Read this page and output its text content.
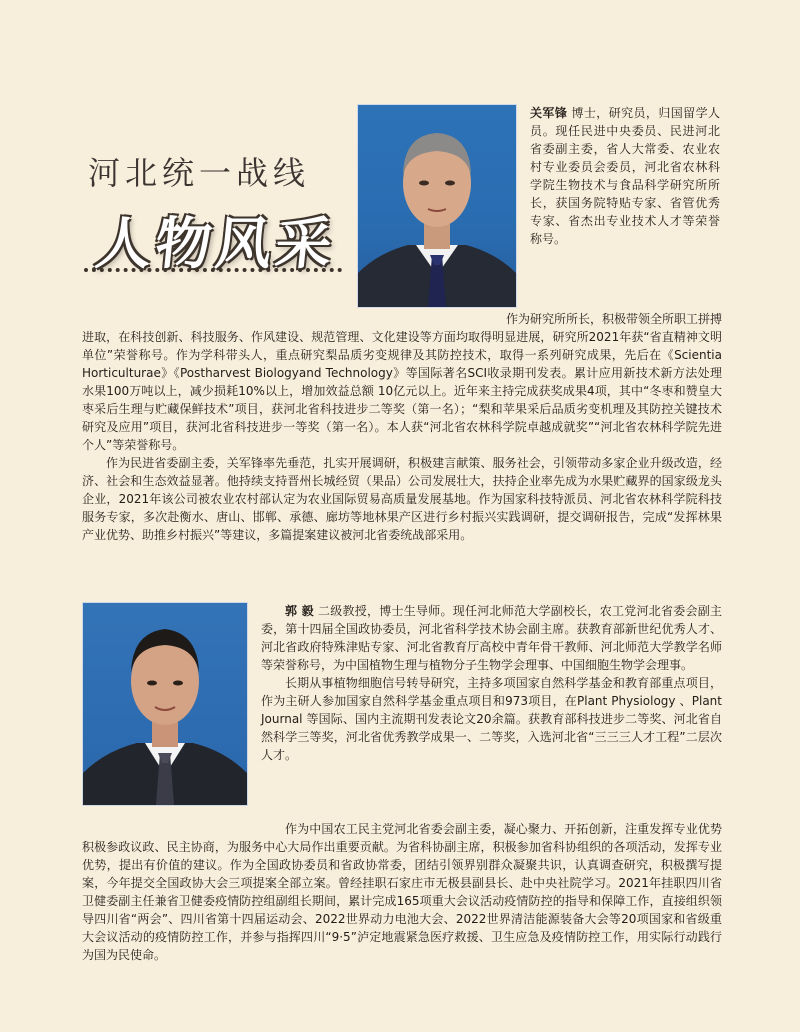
河北统一战线
人物风采

关军锋 博士，研究员，归国留学人员。现任民进中央委员、民进河北省委副主委，省人大常委、农业农村专业委员会委员，河北省农林科学院生物技术与食品科学研究所所长，获国务院特贴专家、省管优秀专家、省杰出专业技术人才等荣誉称号。

作为研究所所长，积极带领全所职工拼搏进取，在科技创新、科技服务、作风建设、规范管理、文化建设等方面均取得明显进展，研究所2021年获“省直精神文明单位”荣誉称号。作为学科带头人，重点研究梨品质劣变规律及其防控技术，取得一系列研究成果，先后在《Scientia Horticulturae》《Postharvest Biologyand Technology》等国际著名SCI收录期刊发表。累计应用新技术新方法处理水果100万吨以上，减少损耗10%以上，增加效益总额 10亿元以上。近年来主持完成获奖成果4项，其中“冬枣和赞皇大枣采后生理与贮藏保鲜技术”项目，获河北省科技进步二等奖（第一名）；“梨和苹果采后品质劣变机理及其防控关键技术研究及应用”项目，获河北省科技进步一等奖（第一名）。本人获“河北省农林科学院卓越成就奖”“河北省农林科学院先进个人”等荣誉称号。

作为民进省委副主委，关军锋率先垂范，扎实开展调研，积极建言献策、服务社会，引领带动多家企业升级改造，经济、社会和生态效益显著。他持续支持晋州长城经贸（果品）公司发展壮大，扶持企业率先成为水果贮藏界的国家级龙头企业，2021年该公司被农业农村部认定为农业国际贸易高质量发展基地。作为国家科技特派员、河北省农林科学院科技服务专家，多次赴衡水、唐山、邯郸、承德、廊坊等地林果产区进行乡村振兴实践调研，提交调研报告，完成“发挥林果产业优势、助推乡村振兴”等建议，多篇提案建议被河北省委统战部采用。

郭 毅 二级教授，博士生导师。现任河北师范大学副校长，农工党河北省委会副主委，第十四届全国政协委员，河北省科学技术协会副主席。获教育部新世纪优秀人才、河北省政府特殊津贴专家、河北省教育厅高校中青年骨干教师、河北师范大学教学名师等荣誉称号，为中国植物生理与植物分子生物学会理事、中国细胞生物学会理事。

长期从事植物细胞信号转导研究，主持多项国家自然科学基金和教育部重点项目，作为主研人参加国家自然科学基金重点项目和973项目，在Plant Physiology 、Plant Journal 等国际、国内主流期刊发表论文20余篇。获教育部科技进步二等奖、河北省自然科学三等奖，河北省优秀教学成果一、二等奖，入选河北省“三三三人才工程”二层次人才。

作为中国农工民主党河北省委会副主委，凝心聚力、开拓创新，注重发挥专业优势积极参政议政、民主协商，为服务中心大局作出重要贡献。为省科协副主席，积极参加省科协组织的各项活动，发挥专业优势，提出有价值的建议。作为全国政协委员和省政协常委，团结引领界别群众凝聚共识，认真调查研究，积极撰写提案，今年提交全国政协大会三项提案全部立案。曾经挂职石家庄市无极县副县长、赴中央社院学习。2021年挂职四川省卫健委副主任兼省卫健委疫情防控组副组长期间，累计完成165项重大会议活动疫情防控的指导和保障工作，直接组织领导四川省“两会”、四川省第十四届运动会、2022世界动力电池大会、2022世界清洁能源装备大会等20项国家和省级重大会议活动的疫情防控工作，并参与指挥四川“9·5”泸定地震紧急医疗救援、卫生应急及疫情防控工作，用实际行动践行为国为民使命。
